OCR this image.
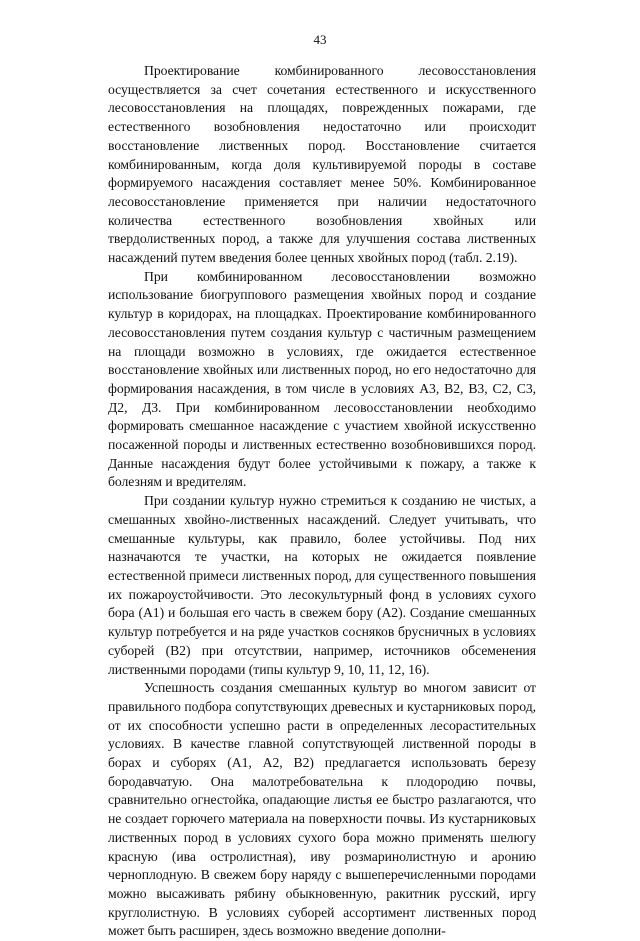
43

Проектирование комбинированного лесовосстановления осуществляется за счет сочетания естественного и искусственного лесовосстановления на площадях, поврежденных пожарами, где естественного возобновления недостаточно или происходит восстановление лиственных пород. Восстановление считается комбинированным, когда доля культивируемой породы в составе формируемого насаждения составляет менее 50%. Комбинированное лесовосстановление применяется при наличии недостаточного количества естественного возобновления хвойных или твердолиственных пород, а также для улучшения состава лиственных насаждений путем введения более ценных хвойных пород (табл. 2.19).

При комбинированном лесовосстановлении возможно использование биогруппового размещения хвойных пород и создание культур в коридорах, на площадках. Проектирование комбинированного лесовосстановления путем создания культур с частичным размещением на площади возможно в условиях, где ожидается естественное восстановление хвойных или лиственных пород, но его недостаточно для формирования насаждения, в том числе в условиях А3, В2, В3, С2, С3, Д2, Д3. При комбинированном лесовосстановлении необходимо формировать смешанное насаждение с участием хвойной искусственно посаженной породы и лиственных естественно возобновившихся пород. Данные насаждения будут более устойчивыми к пожару, а также к болезням и вредителям.

При создании культур нужно стремиться к созданию не чистых, а смешанных хвойно-лиственных насаждений. Следует учитывать, что смешанные культуры, как правило, более устойчивы. Под них назначаются те участки, на которых не ожидается появление естественной примеси лиственных пород, для существенного повышения их пожароустойчивости. Это лесокультурный фонд в условиях сухого бора (А1) и большая его часть в свежем бору (А2). Создание смешанных культур потребуется и на ряде участков сосняков брусничных в условиях суборей (В2) при отсутствии, например, источников обсеменения лиственными породами (типы культур 9, 10, 11, 12, 16).

Успешность создания смешанных культур во многом зависит от правильного подбора сопутствующих древесных и кустарниковых пород, от их способности успешно расти в определенных лесорастительных условиях. В качестве главной сопутствующей лиственной породы в борах и суборях (А1, А2, В2) предлагается использовать березу бородавчатую. Она малотребовательна к плодородию почвы, сравнительно огнестойка, опадающие листья ее быстро разлагаются, что не создает горючего материала на поверхности почвы. Из кустарниковых лиственных пород в условиях сухого бора можно применять шелюгу красную (ива остролистная), иву розмаринолистную и аронию черноплодную. В свежем бору наряду с вышеперечисленными породами можно высаживать рябину обыкновенную, ракитник русский, иргу круглолистную. В условиях суборей ассортимент лиственных пород может быть расширен, здесь возможно введение дополни-
